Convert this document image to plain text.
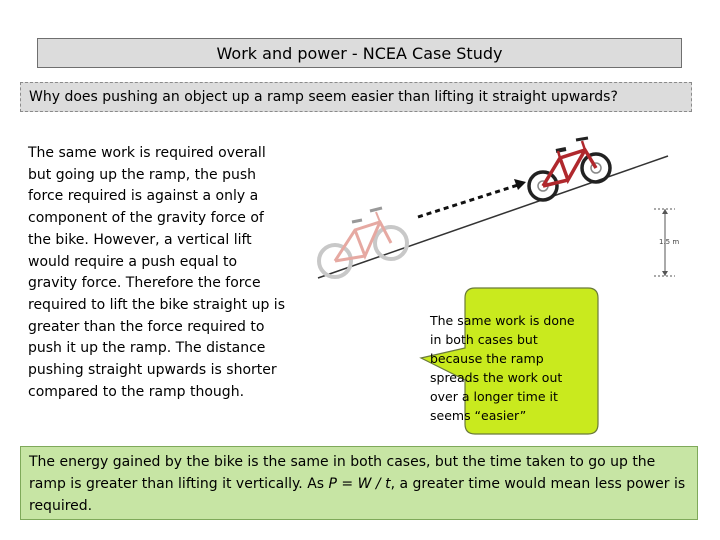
Work and power - NCEA Case Study
Why does pushing an object up a ramp seem easier than lifting it straight upwards?

The same work is required overall but going up the ramp, the push force required is against a only a component of the gravity force of the bike. However, a vertical lift would require a push equal to gravity force. Therefore the force required to lift the bike straight up is greater than the force required to push it up the ramp. The distance pushing straight upwards is shorter compared to the ramp though.

1.5 m

The same work is done in both cases but because the ramp spreads the work out over a longer time it seems “easier”

The energy gained by the bike is the same in both cases, but the time taken to go up the ramp is greater than lifting it vertically. As P = W / t, a greater time would mean less power is required.
